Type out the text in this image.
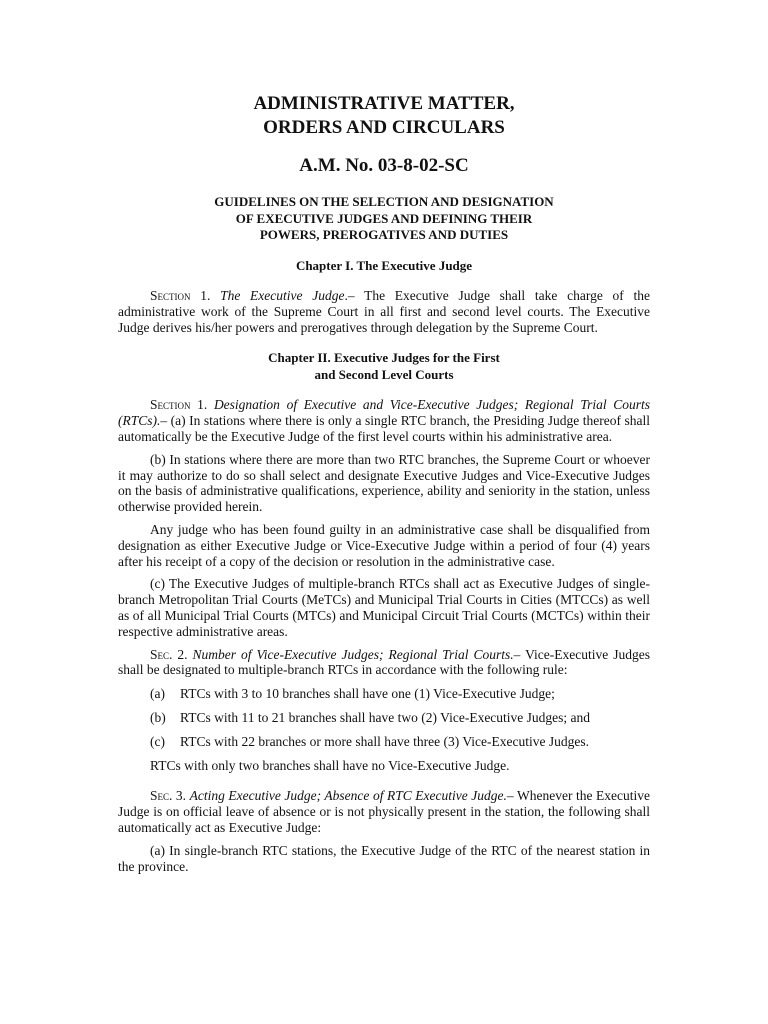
ADMINISTRATIVE MATTER,
ORDERS AND CIRCULARS
A.M. No. 03-8-02-SC
GUIDELINES ON THE SELECTION AND DESIGNATION
OF EXECUTIVE JUDGES AND DEFINING THEIR
POWERS, PREROGATIVES AND DUTIES
Chapter I. The Executive Judge

Section 1. The Executive Judge.– The Executive Judge shall take charge of the administrative work of the Supreme Court in all first and second level courts. The Executive Judge derives his/her powers and prerogatives through delegation by the Supreme Court.

Chapter II. Executive Judges for the First
and Second Level Courts

Section 1. Designation of Executive and Vice-Executive Judges; Regional Trial Courts (RTCs).– (a) In stations where there is only a single RTC branch, the Presiding Judge thereof shall automatically be the Executive Judge of the first level courts within his administrative area.

(b) In stations where there are more than two RTC branches, the Supreme Court or whoever it may authorize to do so shall select and designate Executive Judges and Vice-Executive Judges on the basis of administrative qualifications, experience, ability and seniority in the station, unless otherwise provided herein.

Any judge who has been found guilty in an administrative case shall be disqualified from designation as either Executive Judge or Vice-Executive Judge within a period of four (4) years after his receipt of a copy of the decision or resolution in the administrative case.

(c) The Executive Judges of multiple-branch RTCs shall act as Executive Judges of single-branch Metropolitan Trial Courts (MeTCs) and Municipal Trial Courts in Cities (MTCCs) as well as of all Municipal Trial Courts (MTCs) and Municipal Circuit Trial Courts (MCTCs) within their respective administrative areas.

Sec. 2. Number of Vice-Executive Judges; Regional Trial Courts.– Vice-Executive Judges shall be designated to multiple-branch RTCs in accordance with the following rule:

(a) RTCs with 3 to 10 branches shall have one (1) Vice-Executive Judge;
(b) RTCs with 11 to 21 branches shall have two (2) Vice-Executive Judges; and
(c) RTCs with 22 branches or more shall have three (3) Vice-Executive Judges.

RTCs with only two branches shall have no Vice-Executive Judge.

Sec. 3. Acting Executive Judge; Absence of RTC Executive Judge.– Whenever the Executive Judge is on official leave of absence or is not physically present in the station, the following shall automatically act as Executive Judge:

(a) In single-branch RTC stations, the Executive Judge of the RTC of the nearest station in the province.
